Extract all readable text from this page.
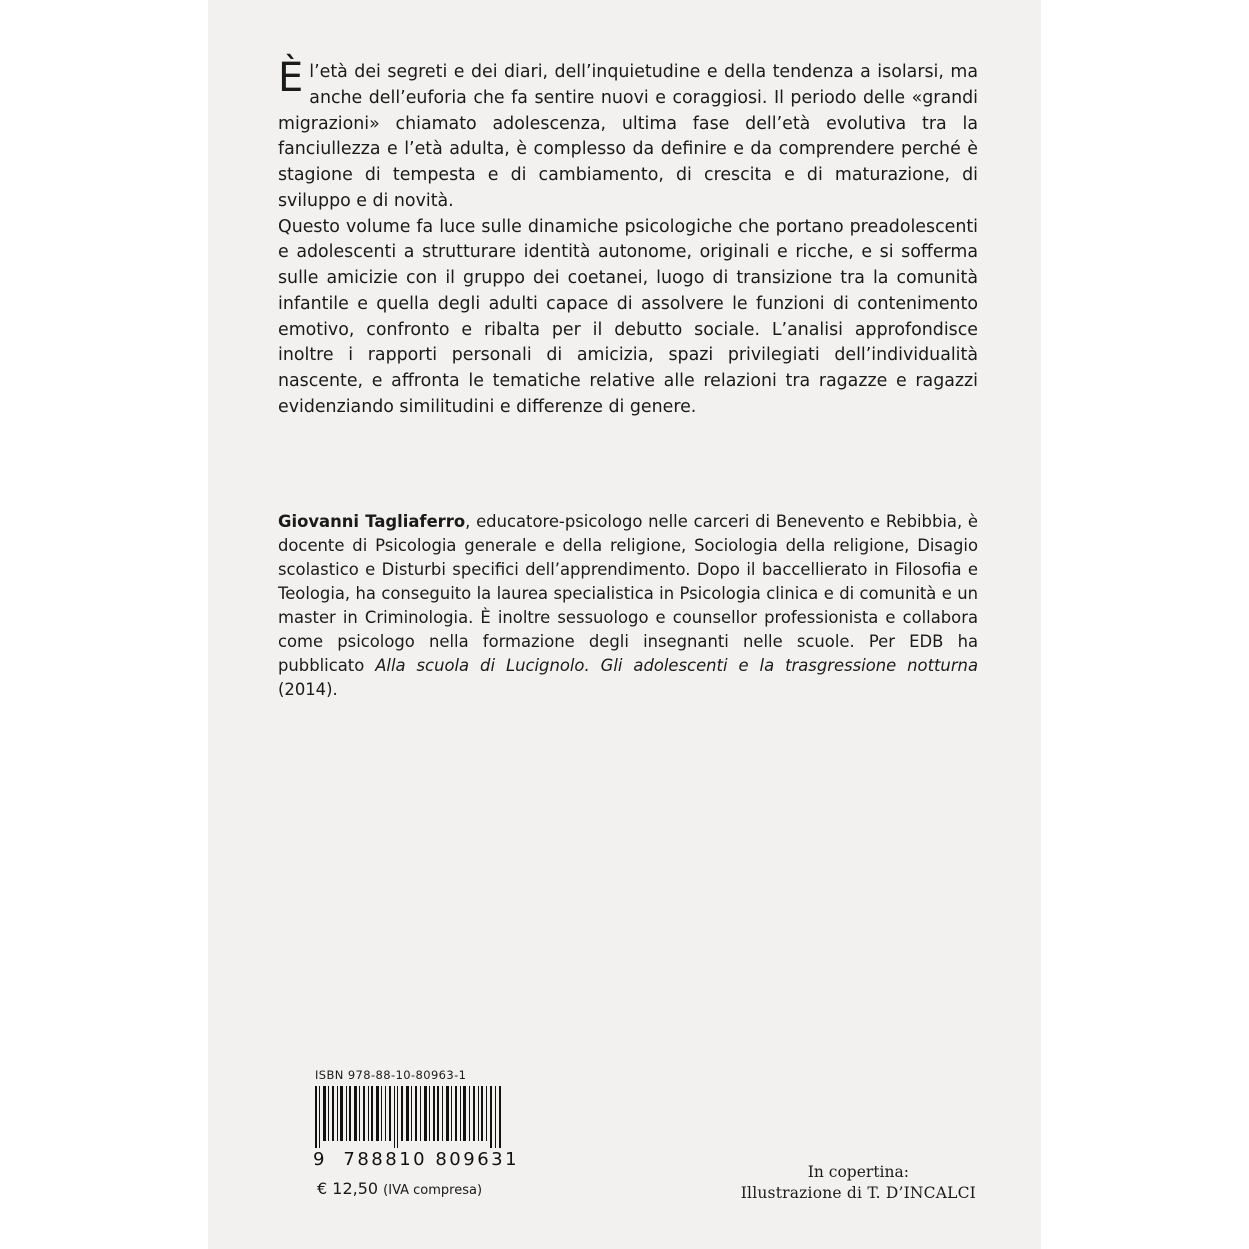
È l’età dei segreti e dei diari, dell’inquietudine e della tendenza a isolarsi, ma anche dell’euforia che fa sentire nuovi e coraggiosi. Il periodo delle «grandi migrazioni» chiamato adolescenza, ultima fase dell’età evolutiva tra la fanciullezza e l’età adulta, è complesso da definire e da comprendere perché è stagione di tempesta e di cambiamento, di crescita e di maturazione, di sviluppo e di novità.

Questo volume fa luce sulle dinamiche psicologiche che portano preadolescenti e adolescenti a strutturare identità autonome, originali e ricche, e si sofferma sulle amicizie con il gruppo dei coetanei, luogo di transizione tra la comunità infantile e quella degli adulti capace di assolvere le funzioni di contenimento emotivo, confronto e ribalta per il debutto sociale. L’analisi approfondisce inoltre i rapporti personali di amicizia, spazi privilegiati dell’individualità nascente, e affronta le tematiche relative alle relazioni tra ragazze e ragazzi evidenziando similitudini e differenze di genere.

Giovanni Tagliaferro, educatore-psicologo nelle carceri di Benevento e Rebibbia, è docente di Psicologia generale e della religione, Sociologia della religione, Disagio scolastico e Disturbi specifici dell’apprendimento. Dopo il baccellierato in Filosofia e Teologia, ha conseguito la laurea specialistica in Psicologia clinica e di comunità e un master in Criminologia. È inoltre sessuologo e counsellor professionista e collabora come psicologo nella formazione degli insegnanti nelle scuole. Per EDB ha pubblicato Alla scuola di Lucignolo. Gli adolescenti e la trasgressione notturna (2014).

ISBN 978-88-10-80963-1

9 788810 809631

€ 12,50 (IVA compresa)

In copertina:
Illustrazione di T. D’INCALCI
